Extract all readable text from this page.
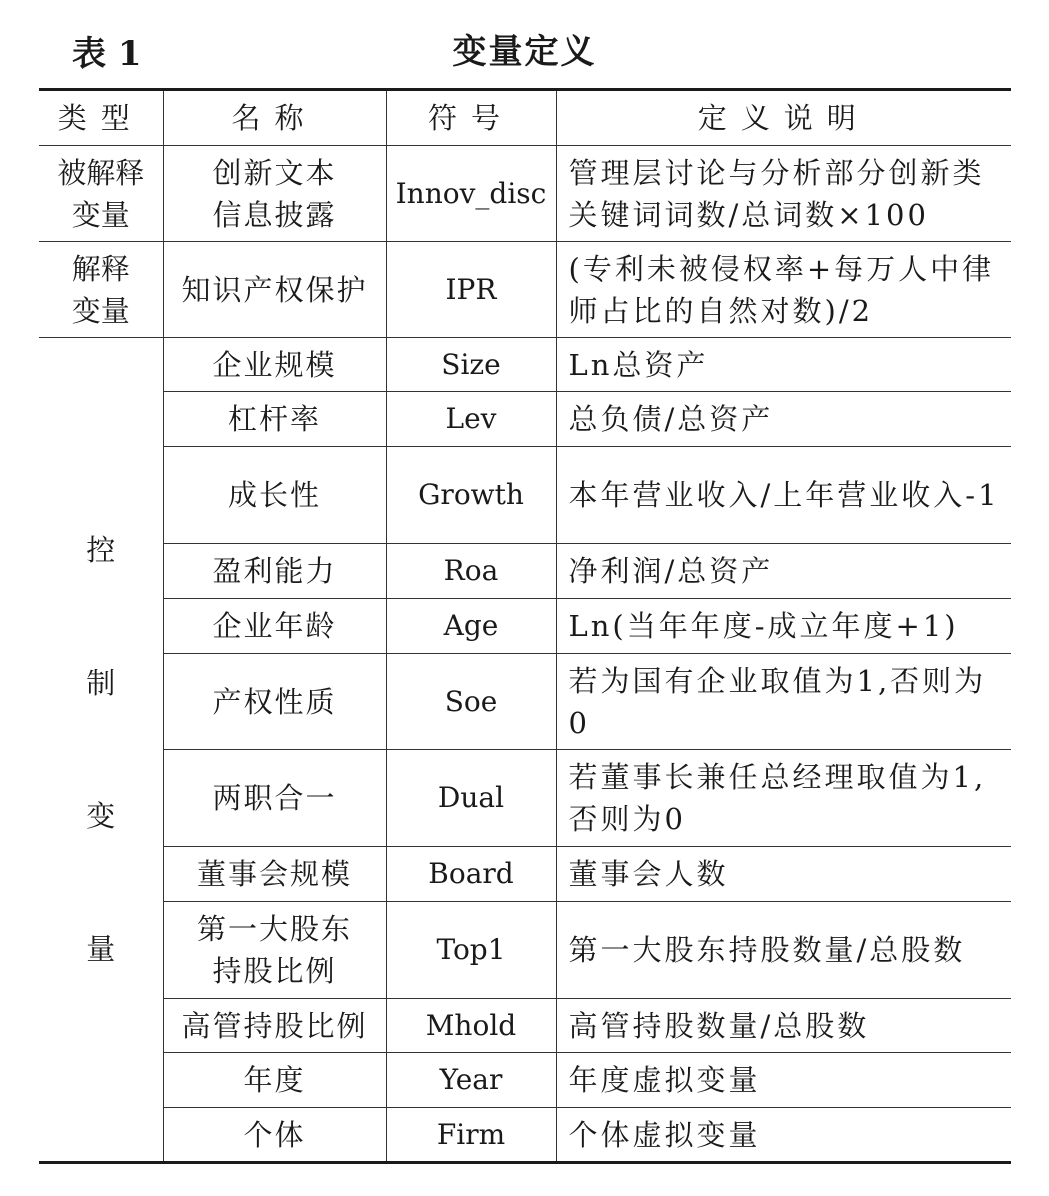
表 1	变量定义
类型	名称	符号	定义说明

被解释变量	创新文本信息披露	Innov_disc	管理层讨论与分析部分创新类关键词词数/总词数×100

解释变量	知识产权保护	IPR	(专利未被侵权率+每万人中律师占比的自然对数)/2

控制变量	企业规模	Size	Ln总资产
	杠杆率	Lev	总负债/总资产
	成长性	Growth	本年营业收入/上年营业收入-1
	盈利能力	Roa	净利润/总资产
	企业年龄	Age	Ln(当年年度-成立年度+1)
	产权性质	Soe	若为国有企业取值为1,否则为0
	两职合一	Dual	若董事长兼任总经理取值为1,否则为0
	董事会规模	Board	董事会人数

	第一大股东持股比例	Top1	第一大股东持股数量/总股数
	高管持股比例	Mhold	高管持股数量/总股数
	年度	Year	年度虚拟变量
	个体	Firm	个体虚拟变量
